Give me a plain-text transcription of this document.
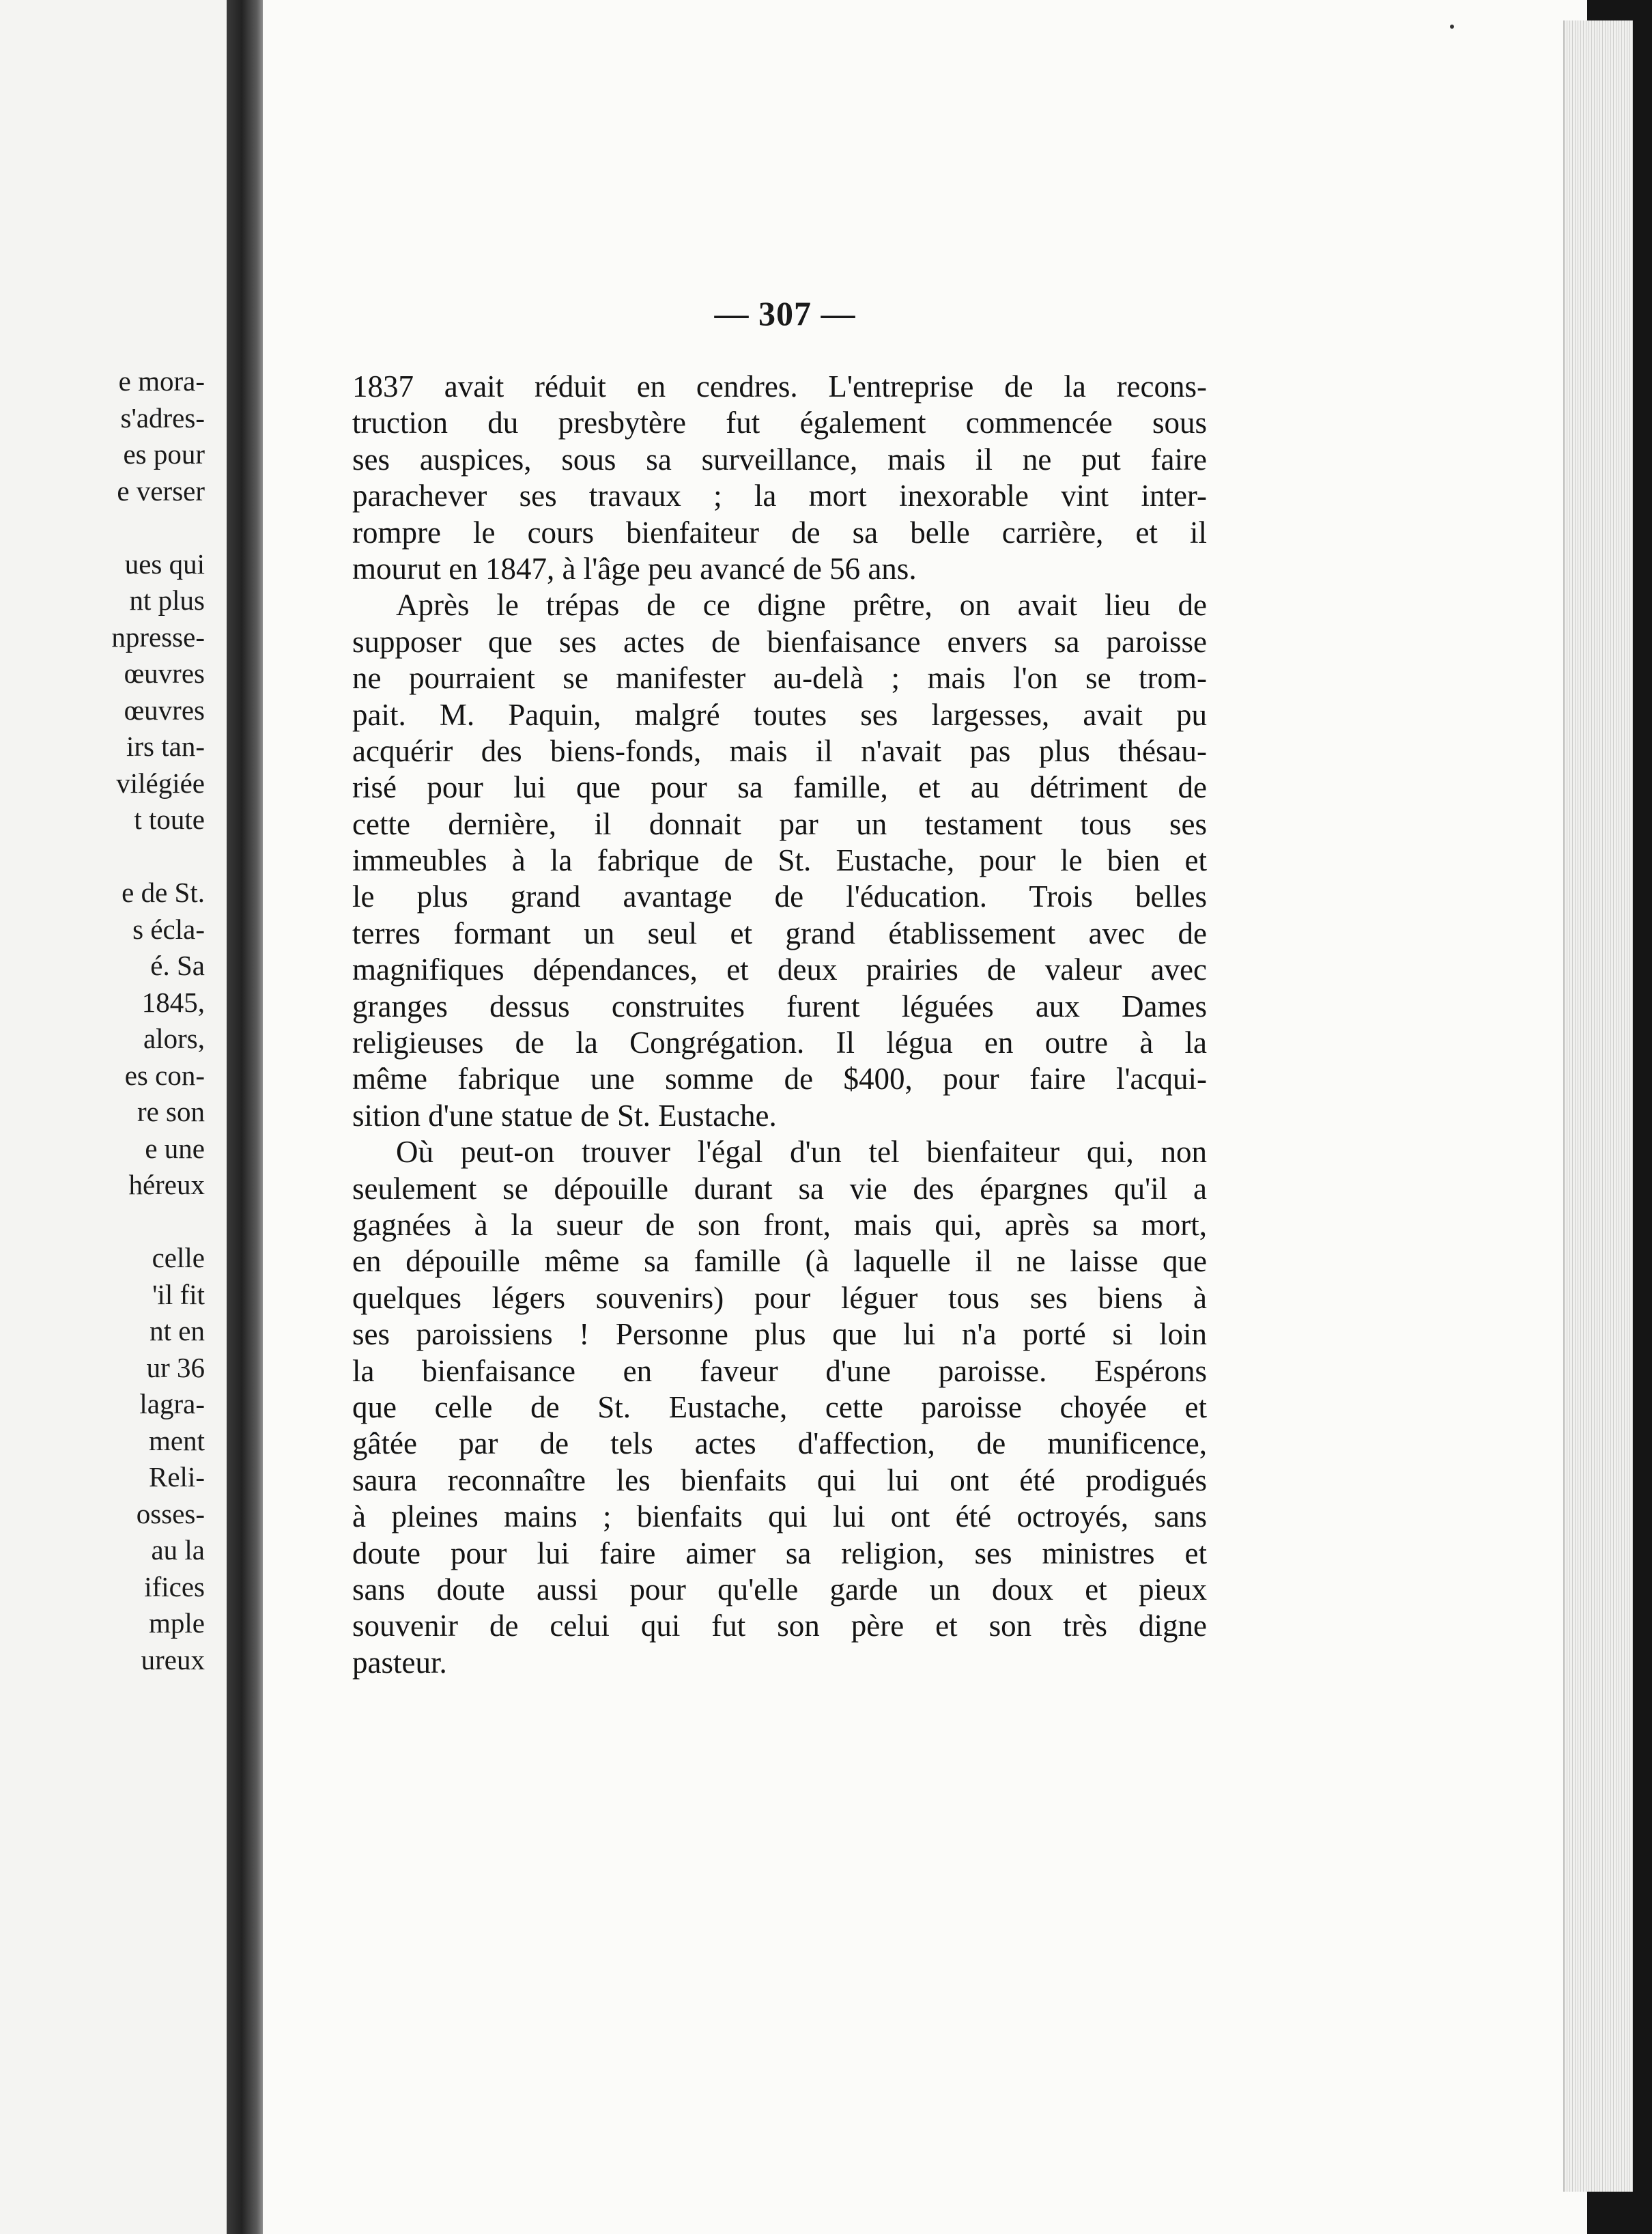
e mora-
s'adres-
es pour
e verser
ues qui
nt plus
npresse-
œuvres
œuvres
irs tan-
vilégiée
t toute
e de St.
s écla-
é. Sa
1845,
alors,
es con-
re son
e une
héreux
celle
'il fit
nt en
ur 36
lagra-
ment
Reli-
osses-
au la
ifices
mple
ureux
— 307 —
1837 avait réduit en cendres. L'entreprise de la recons-
truction du presbytère fut également commencée sous
ses auspices, sous sa surveillance, mais il ne put faire
parachever ses travaux ; la mort inexorable vint inter-
rompre le cours bienfaiteur de sa belle carrière, et il
mourut en 1847, à l'âge peu avancé de 56 ans.
Après le trépas de ce digne prêtre, on avait lieu de
supposer que ses actes de bienfaisance envers sa paroisse
ne pourraient se manifester au-delà ; mais l'on se trom-
pait. M. Paquin, malgré toutes ses largesses, avait pu
acquérir des biens-fonds, mais il n'avait pas plus thésau-
risé pour lui que pour sa famille, et au détriment de
cette dernière, il donnait par un testament tous ses
immeubles à la fabrique de St. Eustache, pour le bien et
le plus grand avantage de l'éducation. Trois belles
terres formant un seul et grand établissement avec de
magnifiques dépendances, et deux prairies de valeur avec
granges dessus construites furent léguées aux Dames
religieuses de la Congrégation. Il légua en outre à la
même fabrique une somme de $400, pour faire l'acqui-
sition d'une statue de St. Eustache.
Où peut-on trouver l'égal d'un tel bienfaiteur qui, non
seulement se dépouille durant sa vie des épargnes qu'il a
gagnées à la sueur de son front, mais qui, après sa mort,
en dépouille même sa famille (à laquelle il ne laisse que
quelques légers souvenirs) pour léguer tous ses biens à
ses paroissiens ! Personne plus que lui n'a porté si loin
la bienfaisance en faveur d'une paroisse. Espérons
que celle de St. Eustache, cette paroisse choyée et
gâtée par de tels actes d'affection, de munificence,
saura reconnaître les bienfaits qui lui ont été prodigués
à pleines mains ; bienfaits qui lui ont été octroyés, sans
doute pour lui faire aimer sa religion, ses ministres et
sans doute aussi pour qu'elle garde un doux et pieux
souvenir de celui qui fut son père et son très digne
pasteur.
